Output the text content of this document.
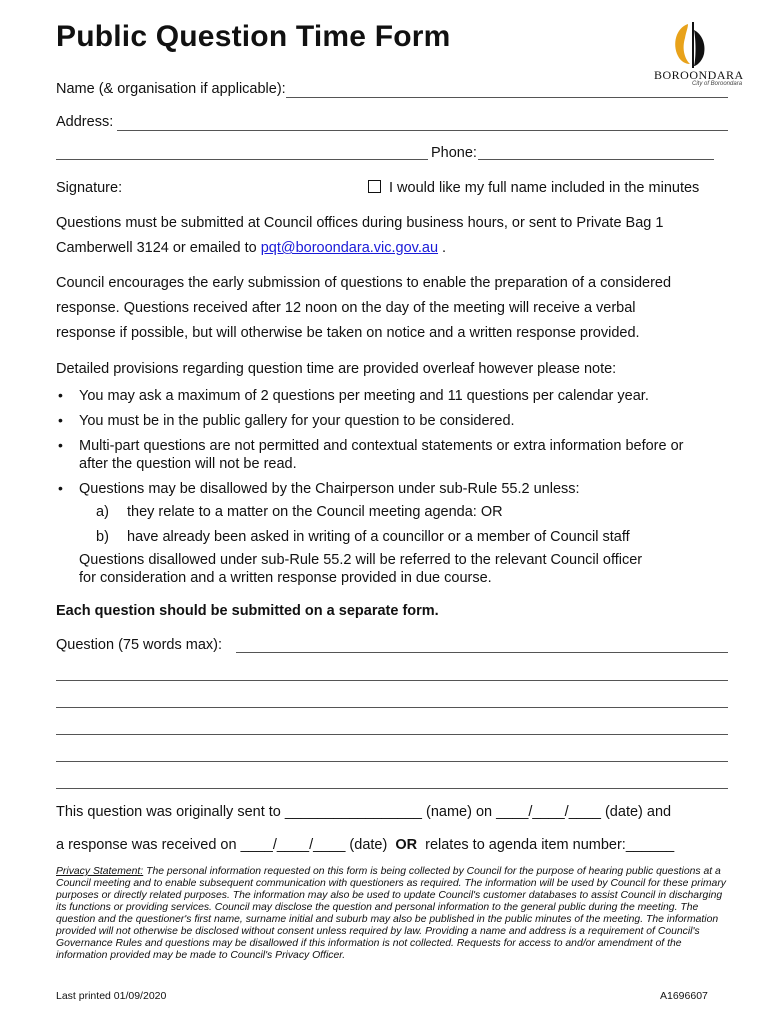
Public Question Time Form
BOROONDARA
City of Boroondara
Name (& organisation if applicable):
Address:
Phone:
Signature:	I would like my full name included in the minutes
Questions must be submitted at Council offices during business hours, or sent to Private Bag 1
Camberwell 3124 or emailed to pqt@boroondara.vic.gov.au .
Council encourages the early submission of questions to enable the preparation of a considered
response. Questions received after 12 noon on the day of the meeting will receive a verbal
response if possible, but will otherwise be taken on notice and a written response provided.
Detailed provisions regarding question time are provided overleaf however please note:
• You may ask a maximum of 2 questions per meeting and 11 questions per calendar year.
• You must be in the public gallery for your question to be considered.
• Multi-part questions are not permitted and contextual statements or extra information before or
after the question will not be read.
• Questions may be disallowed by the Chairperson under sub-Rule 55.2 unless:
a) they relate to a matter on the Council meeting agenda: OR
b) have already been asked in writing of a councillor or a member of Council staff
Questions disallowed under sub-Rule 55.2 will be referred to the relevant Council officer
for consideration and a written response provided in due course.
Each question should be submitted on a separate form.
Question (75 words max):
This question was originally sent to _________________ (name) on ____/____/____ (date) and
a response was received on ____/____/____ (date) OR relates to agenda item number:______
Privacy Statement: The personal information requested on this form is being collected by Council for the purpose of hearing public questions at a Council meeting and to enable subsequent communication with questioners as required. The information will be used by Council for these primary purposes or directly related purposes. The information may also be used to update Council's customer databases to assist Council in discharging its functions or providing services. Council may disclose the question and personal information to the general public during the meeting. The question and the questioner's first name, surname initial and suburb may also be published in the public minutes of the meeting. The information provided will not otherwise be disclosed without consent unless required by law. Providing a name and address is a requirement of Council's Governance Rules and questions may be disallowed if this information is not collected. Requests for access to and/or amendment of the information provided may be made to Council's Privacy Officer.
Last printed 01/09/2020	A1696607
